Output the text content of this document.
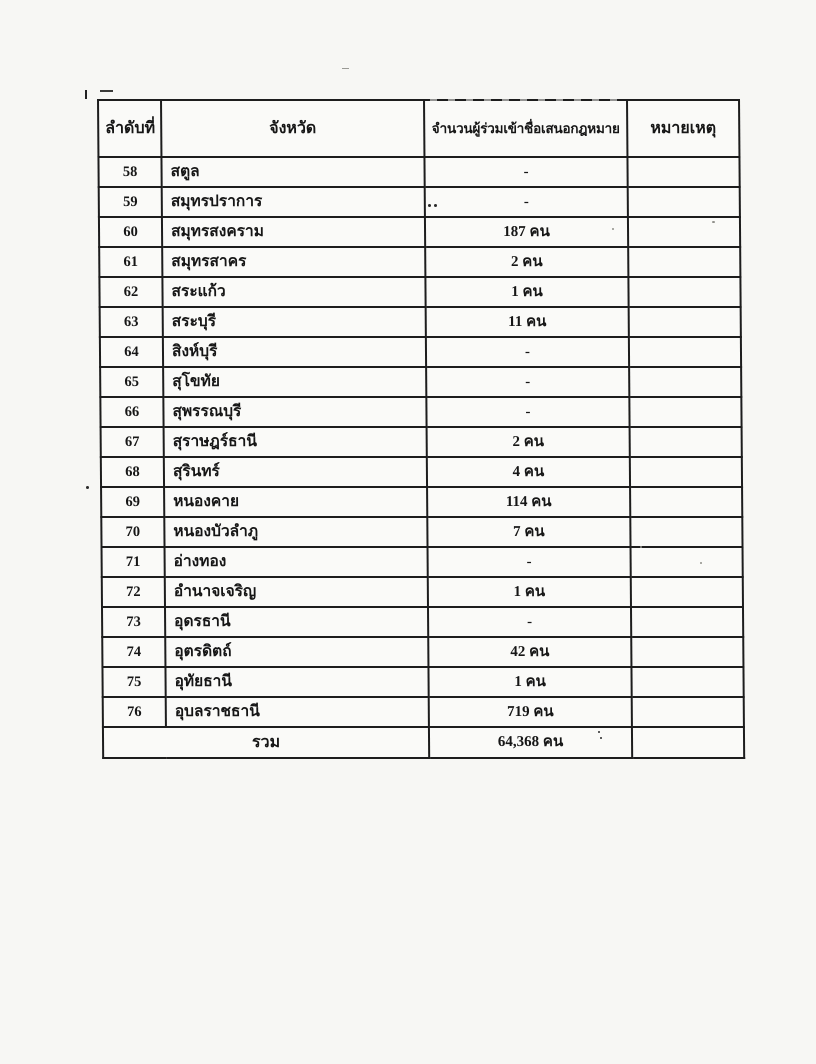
ลำดับที่	จังหวัด	จำนวนผู้ร่วมเข้าชื่อเสนอกฎหมาย	หมายเหตุ
58	สตูล	-	
59	สมุทรปราการ	-	
60	สมุทรสงคราม	187 คน	
61	สมุทรสาคร	2 คน	
62	สระแก้ว	1 คน	
63	สระบุรี	11 คน	
64	สิงห์บุรี	-	
65	สุโขทัย	-	
66	สุพรรณบุรี	-	
67	สุราษฎร์ธานี	2 คน	
68	สุรินทร์	4 คน	
69	หนองคาย	114 คน	
70	หนองบัวลำภู	7 คน	
71	อ่างทอง	-	
72	อำนาจเจริญ	1 คน	
73	อุดรธานี	-	
74	อุตรดิตถ์	42 คน	
75	อุทัยธานี	1 คน	
76	อุบลราชธานี	719 คน	
รวม		64,368 คน	
